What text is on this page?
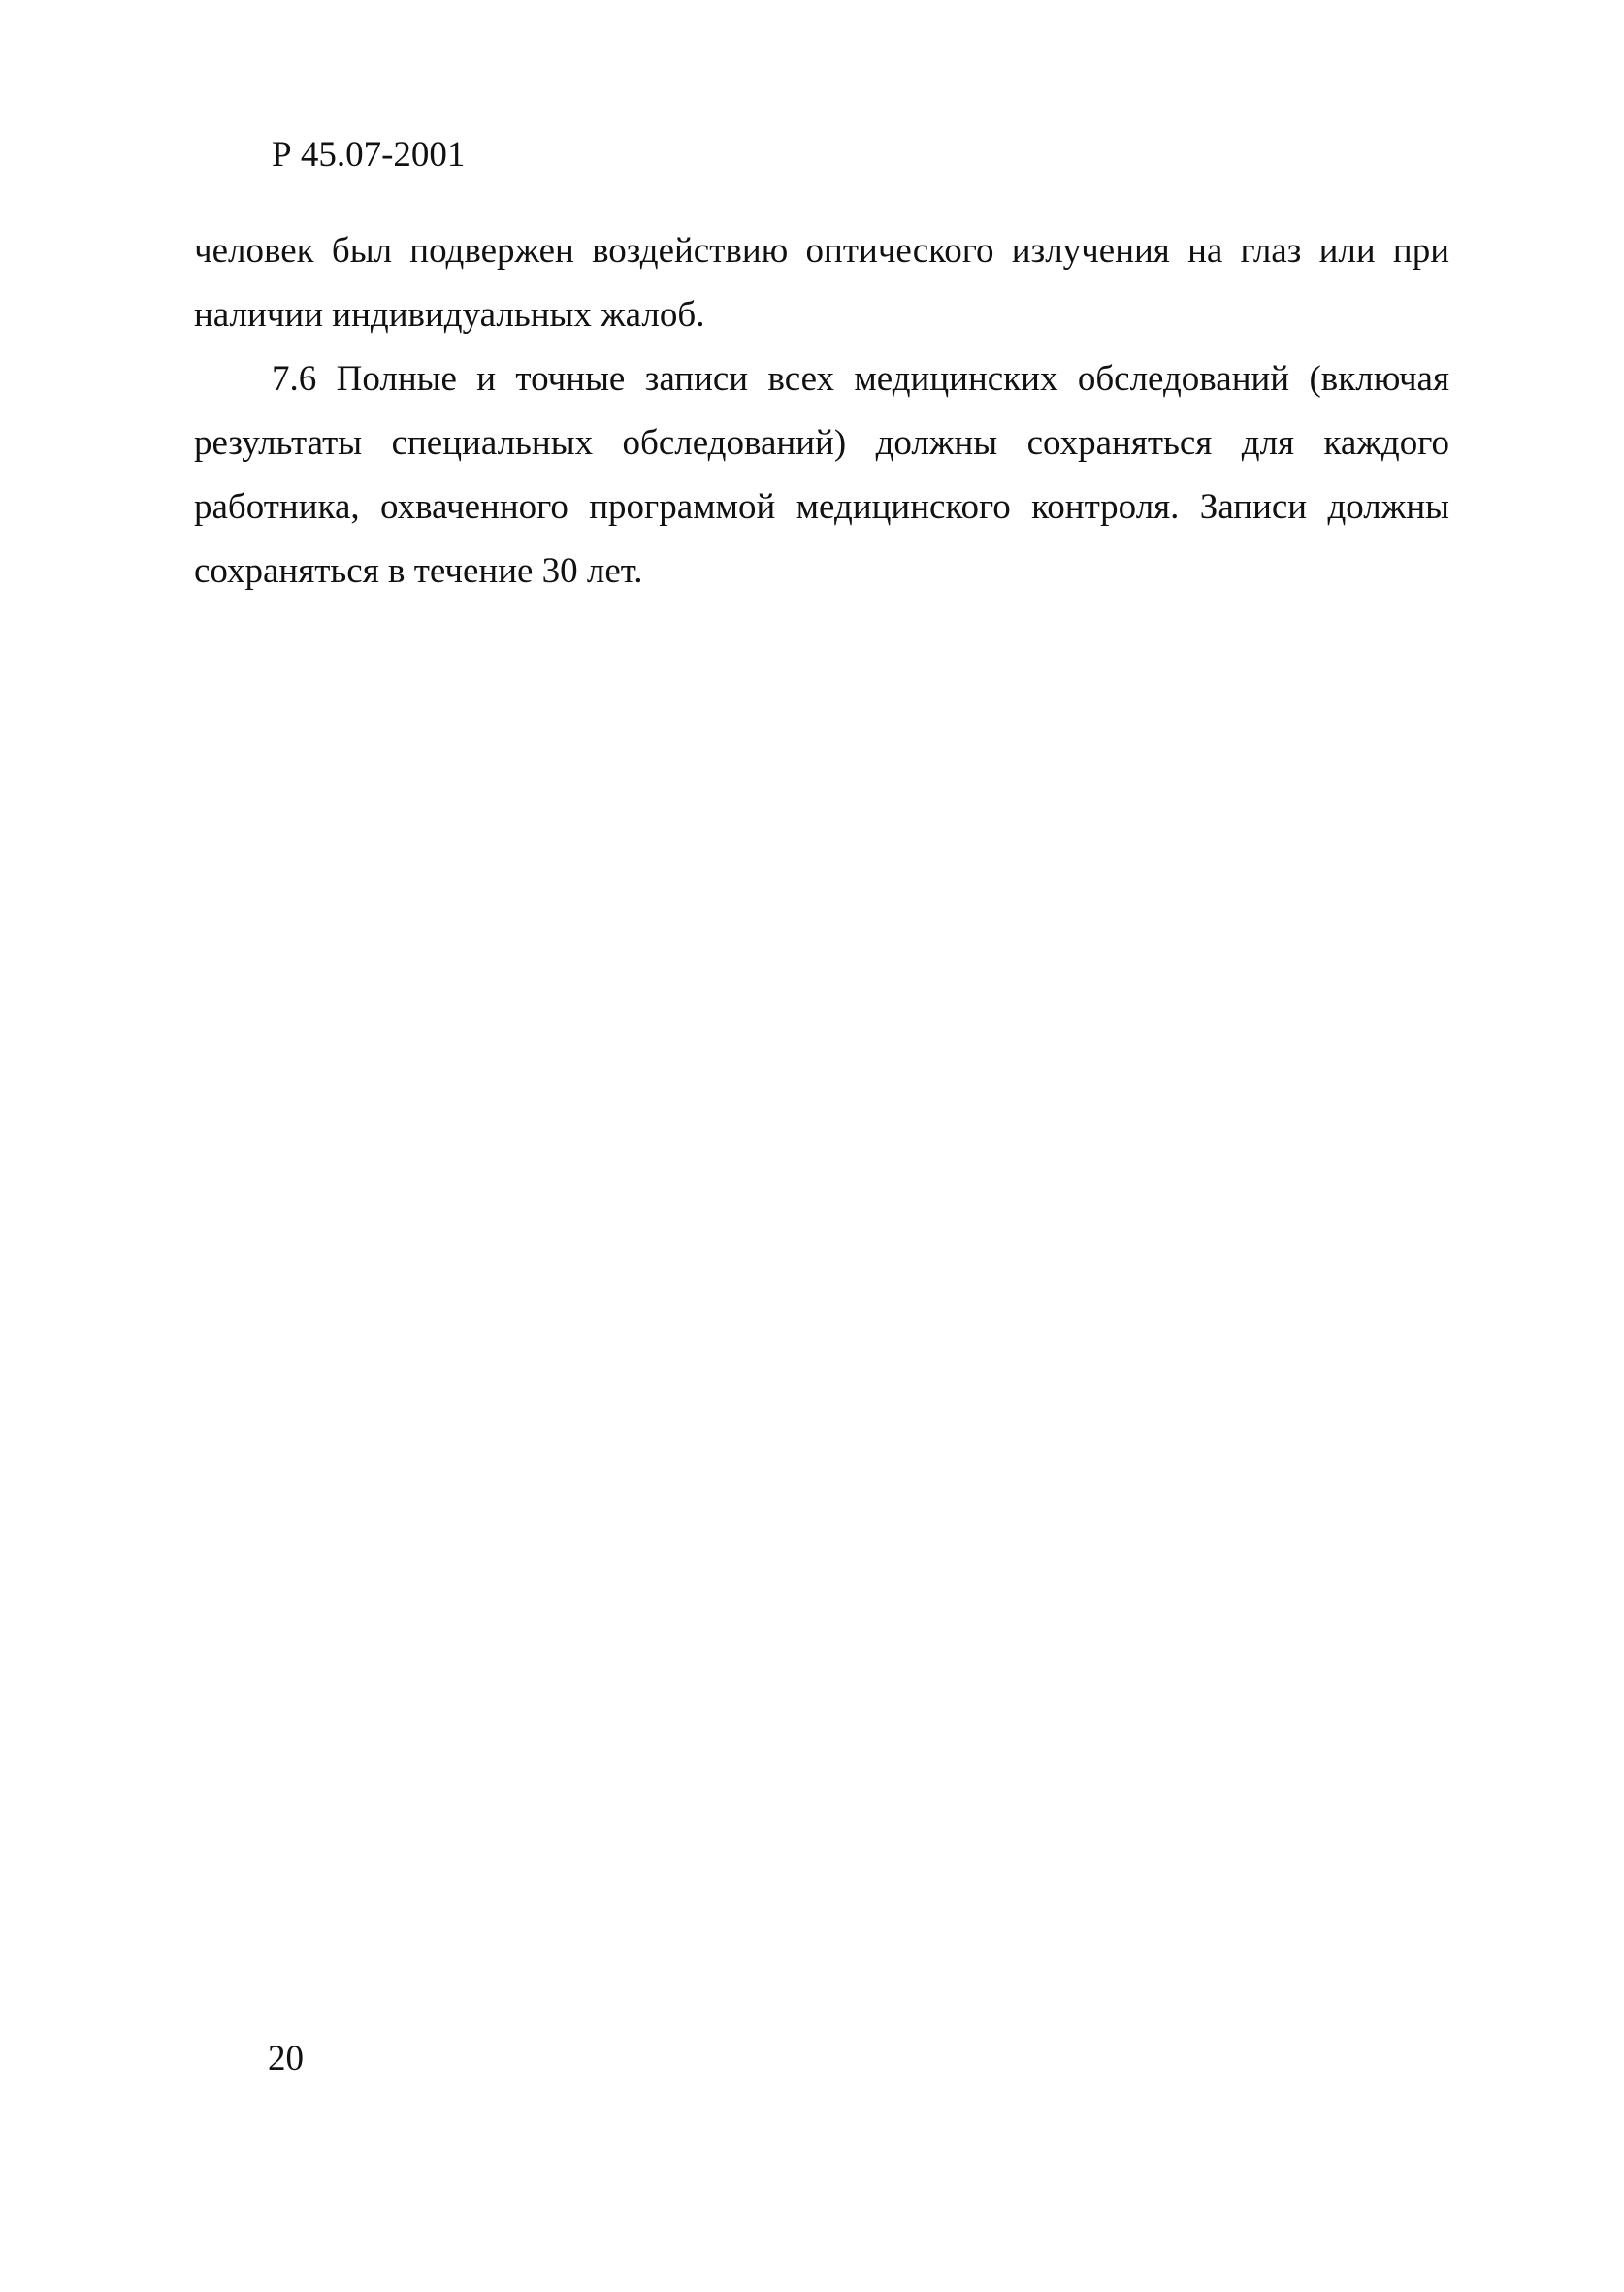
Р 45.07-2001

человек был подвержен воздействию оптического излучения на глаз или при наличии индивидуальных жалоб.

7.6 Полные и точные записи всех медицинских обследований (включая результаты специальных обследований) должны сохраняться для каждого работника, охваченного программой медицинского контроля. Записи должны сохраняться в течение 30 лет.

20
